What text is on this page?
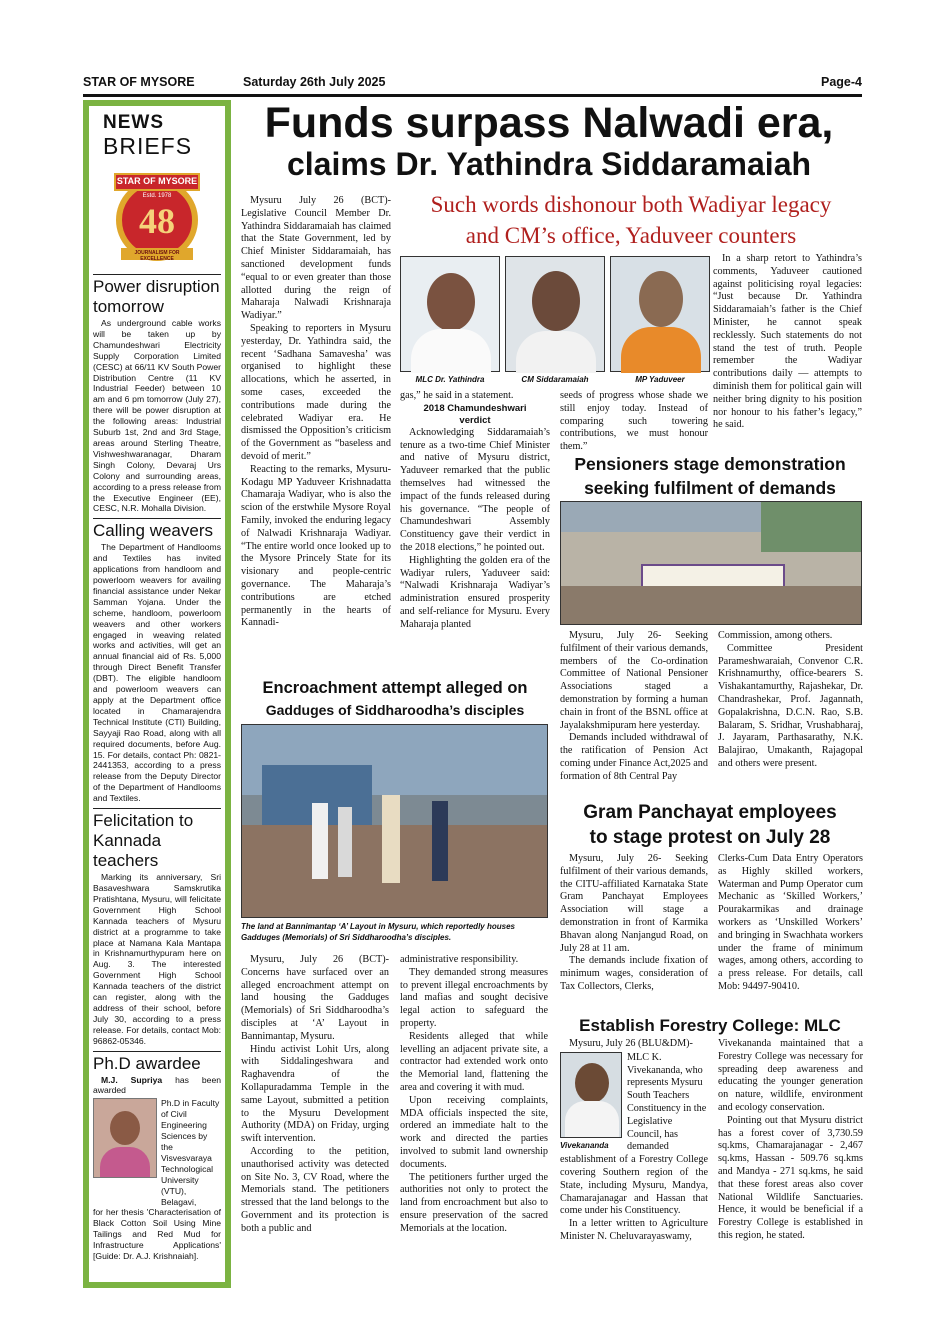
STAR OF MYSORE	Saturday 26th July 2025	Page-4
NEWS
BRIEFS
STAR OF MYSORE
Estd. 1978
48
JOURNALISM FOR EXCELLENCE
Power disruption tomorrow

As underground cable works will be taken up by Chamundeshwari Electricity Supply Corporation Limited (CESC) at 66/11 KV South Power Distribution Centre (11 KV Industrial Feeder) between 10 am and 6 pm tomorrow (July 27), there will be power disruption at the following areas: Industrial Suburb 1st, 2nd and 3rd Stage, areas around Sterling Theatre, Vishweshwaranagar, Dharam Singh Colony, Devaraj Urs Colony and surrounding areas, according to a press release from the Executive Engineer (EE), CESC, N.R. Mohalla Division.

Calling weavers

The Department of Handlooms and Textiles has invited applications from handloom and powerloom weavers for availing financial assistance under Nekar Samman Yojana. Under the scheme, handloom, powerloom weavers and other workers engaged in weaving related works and activities, will get an annual financial aid of Rs. 5,000 through Direct Benefit Transfer (DBT). The eligible handloom and powerloom weavers can apply at the Department office located in Chamarajendra Technical Institute (CTI) Building, Sayyaji Rao Road, along with all required documents, before Aug. 15. For details, contact Ph: 0821-2441353, according to a press release from the Deputy Director of the Department of Handlooms and Textiles.

Felicitation to Kannada teachers

Marking its anniversary, Sri Basaveshwara Samskrutika Pratishtana, Mysuru, will felicitate Government High School Kannada teachers of Mysuru district at a programme to take place at Namana Kala Mantapa in Krishnamurthypuram here on Aug. 3. The interested Government High School Kannada teachers of the district can register, along with the address of their school, before July 30, according to a press release. For details, contact Mob: 96862-05346.

Ph.D awardee

M.J. Supriya has been awarded

Ph.D in Faculty of Civil Engineering Sciences by the Visvesvaraya Technological University (VTU), Belagavi,

for her thesis 'Characterisation of Black Cotton Soil Using Mine Tailings and Red Mud for Infrastructure Applications' [Guide: Dr. A.J. Krishnaiah].

Funds surpass Nalwadi era,
claims Dr. Yathindra Siddaramaiah

Mysuru July 26 (BCT)- Legislative Council Member Dr. Yathindra Siddaramaiah has claimed that the State Government, led by Chief Minister Siddaramaiah, has sanctioned development funds “equal to or even greater than those allotted during the reign of Maharaja Nalwadi Krishnaraja Wadiyar.”

Speaking to reporters in Mysuru yesterday, Dr. Yathindra said, the recent ‘Sadhana Samavesha’ was organised to highlight these allocations, which he asserted, in some cases, exceeded the contributions made during the celebrated Wadiyar era. He dismissed the Opposition’s criticism of the Government as “baseless and devoid of merit.”

Reacting to the remarks, Mysuru-Kodagu MP Yaduveer Krishnadatta Chamaraja Wadiyar, who is also the scion of the erstwhile Mysore Royal Family, invoked the enduring legacy of Nalwadi Krishnaraja Wadiyar. “The entire world once looked up to the Mysore Princely State for its visionary and people-centric governance. The Maharaja’s contributions are etched permanently in the hearts of Kannadi-

Such words dishonour both Wadiyar legacy
and CM’s office, Yaduveer counters

In a sharp retort to Yathindra’s comments, Yaduveer cautioned against politicising royal legacies: “Just because Dr. Yathindra Siddaramaiah’s father is the Chief Minister, he cannot speak recklessly. Such statements do not stand the test of truth. People remember the Wadiyar contributions daily — attempts to diminish them for political gain will neither bring dignity to his position nor honour to his father’s legacy,” he said.

MLC Dr. Yathindra	CM Siddaramaiah	MP Yaduveer

gas,” he said in a statement.

2018 Chamundeshwari
verdict

Acknowledging Siddaramaiah’s tenure as a two-time Chief Minister and native of Mysuru district, Yaduveer remarked that the public themselves had witnessed the impact of the funds released during his governance. “The people of Chamundeshwari Assembly Constituency gave their verdict in the 2018 elections,” he pointed out.

Highlighting the golden era of the Wadiyar rulers, Yaduveer said: “Nalwadi Krishnaraja Wadiyar’s administration ensured prosperity and self-reliance for Mysuru. Every Maharaja planted

seeds of progress whose shade we still enjoy today. Instead of comparing such towering contributions, we must honour them.”

Encroachment attempt alleged on
Gadduges of Siddharoodha’s disciples
The land at Bannimantap ‘A’ Layout in Mysuru, which reportedly houses Gadduges (Memorials) of Sri Siddharoodha’s disciples.

Mysuru, July 26 (BCT)- Concerns have surfaced over an alleged encroachment attempt on land housing the Gadduges (Memorials) of Sri Siddharoodha’s disciples at ‘A’ Layout in Bannimantap, Mysuru.

Hindu activist Lohit Urs, along with Siddalingeshwara and Raghavendra of the Kollapuradamma Temple in the same Layout, submitted a petition to the Mysuru Development Authority (MDA) on Friday, urging swift intervention.

According to the petition, unauthorised activity was detected on Site No. 3, CV Road, where the Memorials stand. The petitioners stressed that the land belongs to the Government and its protection is both a public and

administrative responsibility.

They demanded strong measures to prevent illegal encroachments by land mafias and sought decisive legal action to safeguard the property.

Residents alleged that while levelling an adjacent private site, a contractor had extended work onto the Memorial land, flattening the area and covering it with mud.

Upon receiving complaints, MDA officials inspected the site, ordered an immediate halt to the work and directed the parties involved to submit land ownership documents.

The petitioners further urged the authorities not only to protect the land from encroachment but also to ensure preservation of the sacred Memorials at the location.

Pensioners stage demonstration
seeking fulfilment of demands

Mysuru, July 26- Seeking fulfilment of their various demands, members of the Co-ordination Committee of National Pensioner Associations staged a demonstration by forming a human chain in front of the BSNL office at Jayalakshmipuram here yesterday.

Demands included withdrawal of the ratification of Pension Act coming under Finance Act,2025 and formation of 8th Central Pay

Commission, among others.

Committee President Parameshwaraiah, Convenor C.R. Krishnamurthy, office-bearers S. Vishakantamurthy, Rajashekar, Dr. Chandrashekar, Prof. Jagannath, Gopalakrishna, D.C.N. Rao, S.B. Balaram, S. Sridhar, Vrushabharaj, J. Jayaram, Parthasarathy, N.K. Balajirao, Umakanth, Rajagopal and others were present.

Gram Panchayat employees
to stage protest on July 28

Mysuru, July 26- Seeking fulfilment of their various demands, the CITU-affiliated Karnataka State Gram Panchayat Employees Association will stage a demonstration in front of Karmika Bhavan along Nanjangud Road, on July 28 at 11 am.

The demands include fixation of minimum wages, consideration of Tax Collectors, Clerks,

Clerks-Cum Data Entry Operators as Highly skilled workers, Waterman and Pump Operator cum Mechanic as ‘Skilled Workers,’ Pourakarmikas and drainage workers as ‘Unskilled Workers’ and bringing in Swachhata workers under the frame of minimum wages, among others, according to a press release. For details, call Mob: 94497-90410.

Establish Forestry College: MLC

Mysuru, July 26 (BLU&DM)-

Vivekananda

MLC K. Vivekananda, who represents Mysuru South Teachers Constituency in the Legislative Council, has demanded

establishment of a Forestry College covering Southern region of the State, including Mysuru, Mandya, Chamarajanagar and Hassan that come under his Constituency.

In a letter written to Agriculture Minister N. Cheluvarayaswamy,

Vivekananda maintained that a Forestry College was necessary for spreading deep awareness and educating the younger generation on nature, wildlife, environment and ecology conservation.

Pointing out that Mysuru district has a forest cover of 3,730.59 sq.kms, Chamarajanagar - 2,467 sq.kms, Hassan - 509.76 sq.kms and Mandya - 271 sq.kms, he said that these forest areas also cover National Wildlife Sanctuaries. Hence, it would be beneficial if a Forestry College is established in this region, he stated.
